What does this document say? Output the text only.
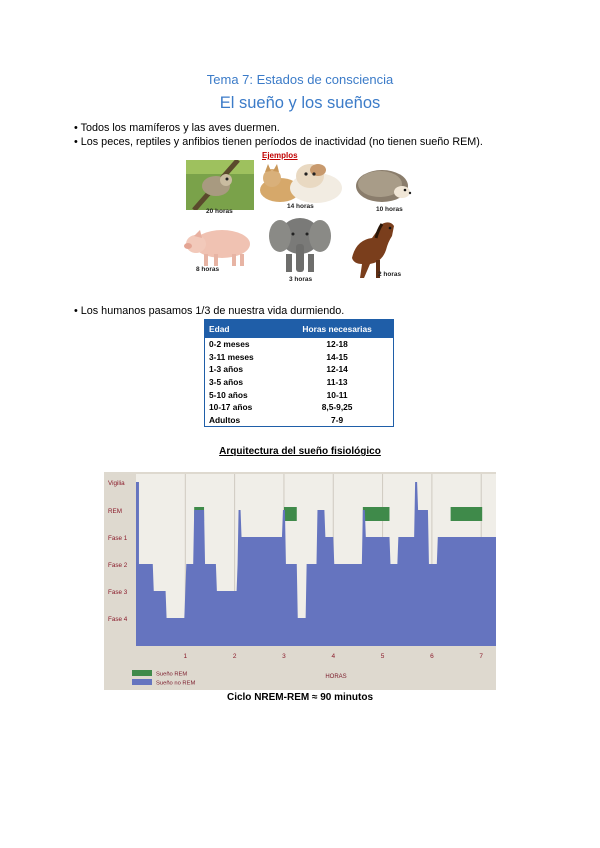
Tema 7: Estados de consciencia
El sueño y los sueños
• Todos los mamíferos y las aves duermen.
• Los peces, reptiles y anfibios tienen períodos de inactividad (no tienen sueño REM).
Ejemplos
20 horas
14 horas	10 horas
8 horas
3 horas
2 horas
• Los humanos pasamos 1/3 de nuestra vida durmiendo.
Edad	Horas necesarias
0-2 meses	12-18
3-11 meses	14-15
1-3 años	12-14
3-5 años	11-13
5-10 años	10-11
10-17 años	8,5-9,25
Adultos	7-9
Arquitectura del sueño fisiológico
Vigilia
REM
Fase 1
Fase 2
Fase 3
Fase 4
1	2	3	4	5	6	7
HORAS
Sueño REM
Sueño no REM
Ciclo NREM-REM ≈ 90 minutos
